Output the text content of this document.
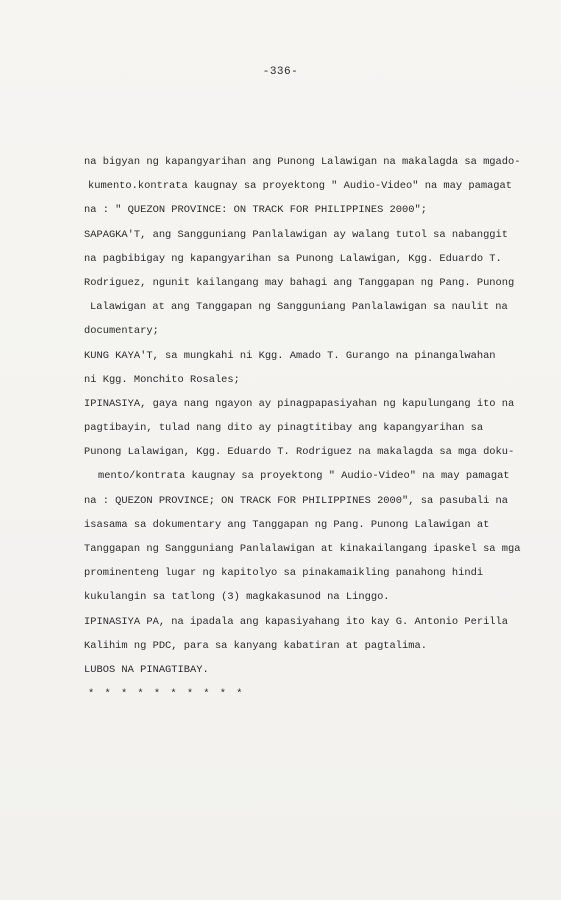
-336-
na bigyan ng kapangyarihan ang Punong Lalawigan na makalagda sa mgado-
kumento.kontrata kaugnay sa proyektong " Audio-Video" na may pamagat
na : " QUEZON PROVINCE: ON TRACK FOR PHILIPPINES 2000";
SAPAGKA'T, ang Sangguniang Panlalawigan ay walang tutol sa nabanggit
na pagbibigay ng kapangyarihan sa Punong Lalawigan, Kgg. Eduardo T.
Rodriguez, ngunit kailangang may bahagi ang Tanggapan ng Pang. Punong
Lalawigan at ang Tanggapan ng Sangguniang Panlalawigan sa naulit na
documentary;
KUNG KAYA'T, sa mungkahi ni Kgg. Amado T. Gurango na pinangalwahan
ni Kgg. Monchito Rosales;
IPINASIYA, gaya nang ngayon ay pinagpapasiyahan ng kapulungang ito na
pagtibayin, tulad nang dito ay pinagtitibay ang kapangyarihan sa
Punong Lalawigan, Kgg. Eduardo T. Rodriguez na makalagda sa mga doku-
mento/kontrata kaugnay sa proyektong " Audio-Video" na may pamagat
na : QUEZON PROVINCE; ON TRACK FOR PHILIPPINES 2000", sa pasubali na
isasama sa dokumentary ang Tanggapan ng Pang. Punong Lalawigan at
Tanggapan ng Sangguniang Panlalawigan at kinakailangang ipaskel sa mga
prominenteng lugar ng kapitolyo sa pinakamaikling panahong hindi
kukulangin sa tatlong (3) magkakasunod na Linggo.
IPINASIYA PA, na ipadala ang kapasiyahang ito kay G. Antonio Perilla
Kalihim ng PDC, para sa kanyang kabatiran at pagtalima.
LUBOS NA PINAGTIBAY.
* * * * * * * * * *
